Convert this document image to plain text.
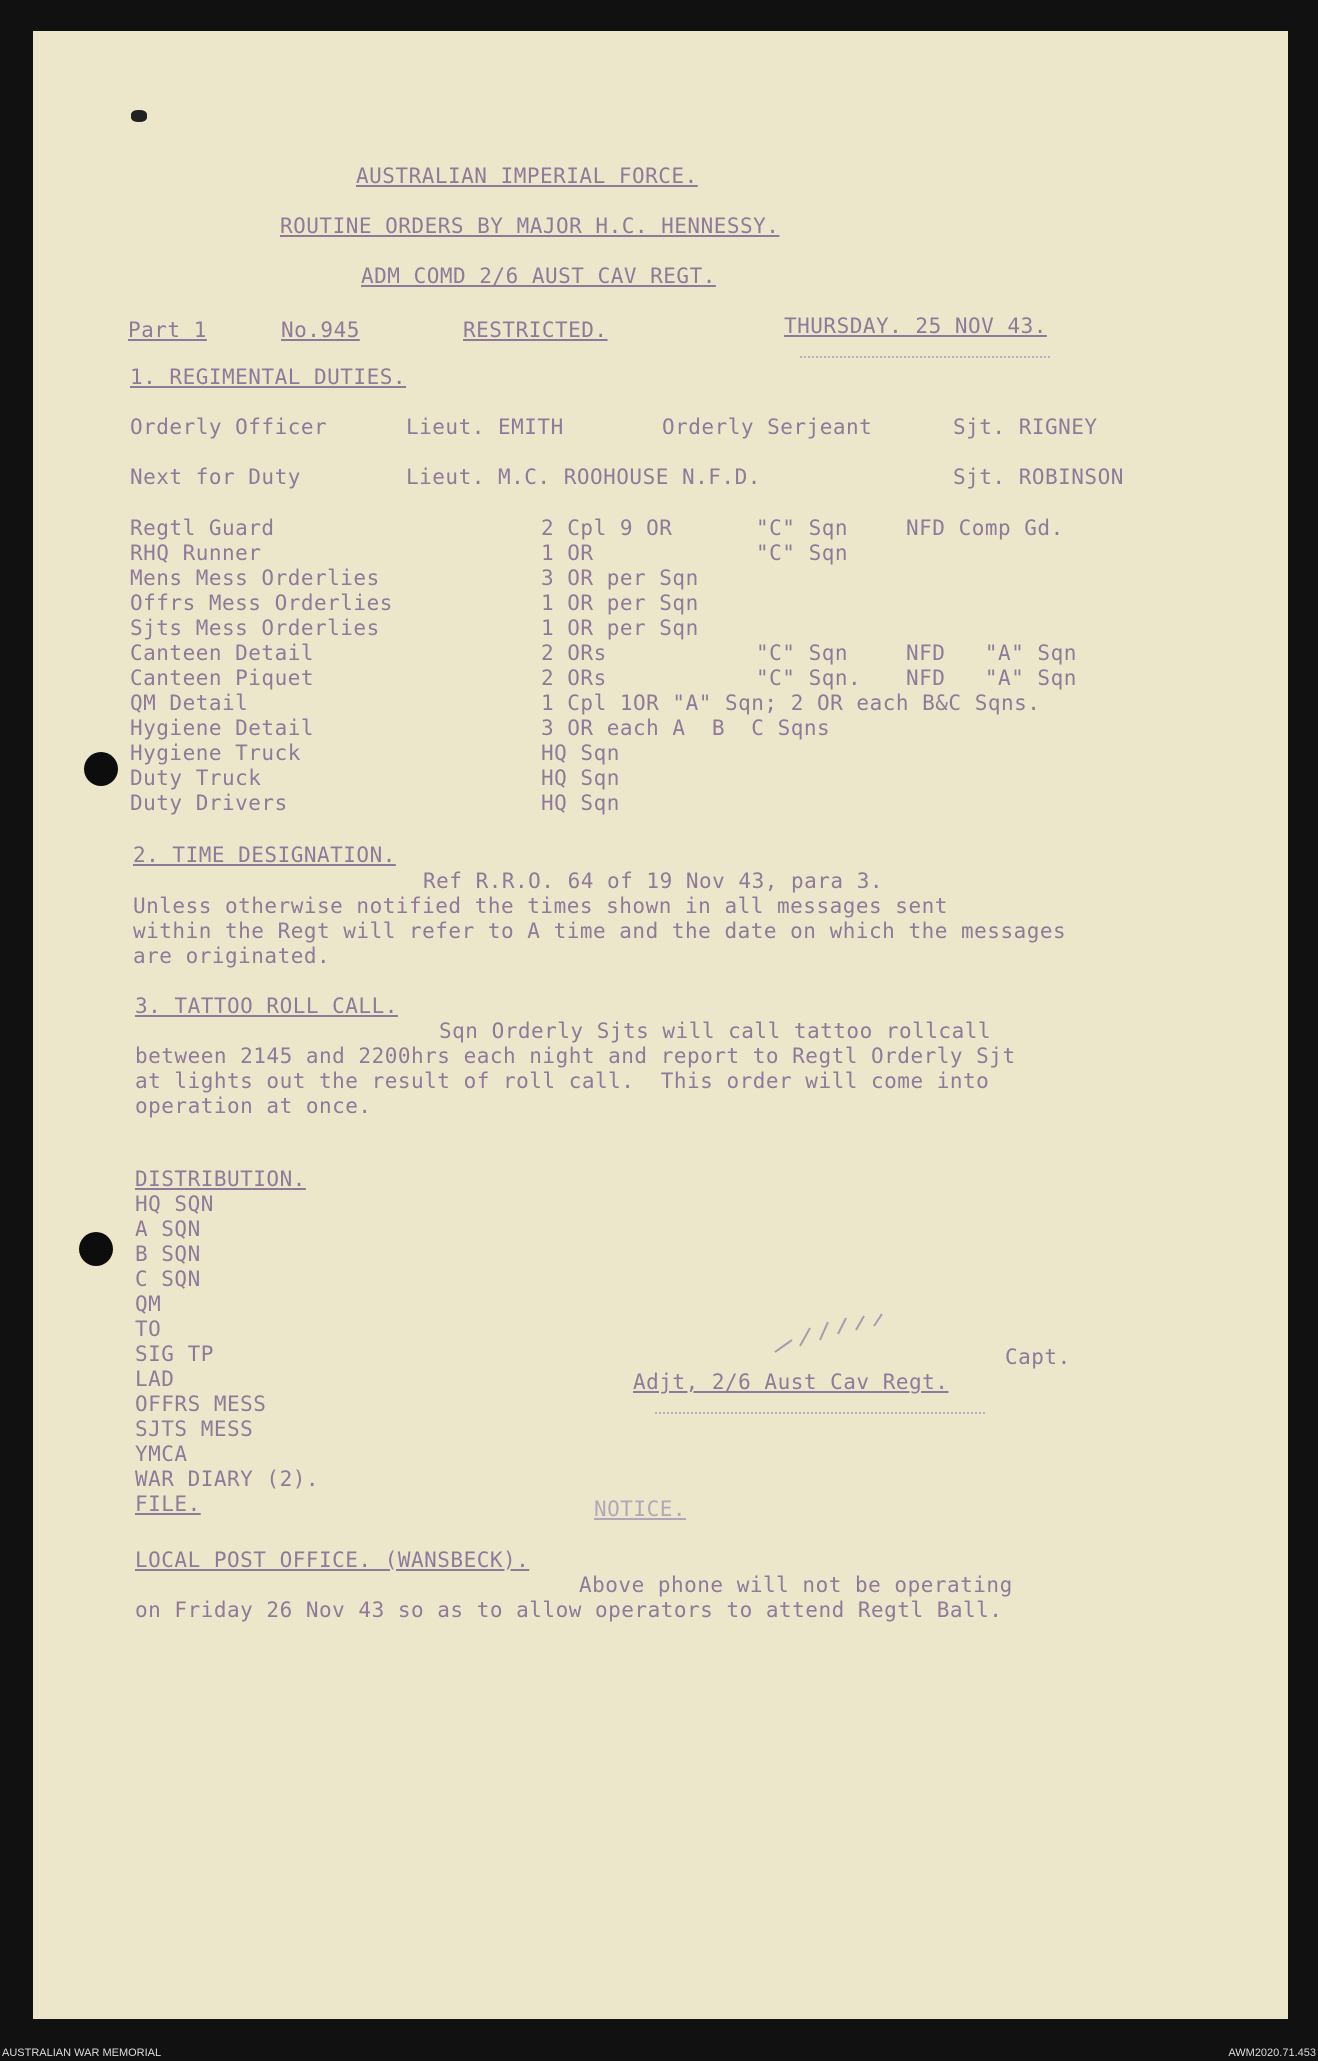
AUSTRALIAN IMPERIAL FORCE.
ROUTINE ORDERS BY MAJOR H.C. HENNESSY.
ADM COMD 2/6 AUST CAV REGT.
Part 1	No.945	RESTRICTED.	THURSDAY. 25 NOV 43.
1. REGIMENTAL DUTIES.
Orderly Officer	Lieut. EMITH	Orderly Serjeant	Sjt. RIGNEY
Next for Duty	Lieut. M.C. ROOHOUSE N.F.D.	Sjt. ROBINSON
Regtl Guard	2 Cpl 9 OR	"C" Sqn	NFD Comp Gd.
RHQ Runner	1 OR	"C" Sqn
Mens Mess Orderlies	3 OR per Sqn
Offrs Mess Orderlies	1 OR per Sqn
Sjts Mess Orderlies	1 OR per Sqn
Canteen Detail	2 ORs	"C" Sqn	NFD   "A" Sqn
Canteen Piquet	2 ORs	"C" Sqn. NFD   "A" Sqn
QM Detail	1 Cpl 1OR "A" Sqn; 2 OR each B&C Sqns.
Hygiene Detail	3 OR each A  B  C Sqns
Hygiene Truck	HQ Sqn
Duty Truck	HQ Sqn
Duty Drivers	HQ Sqn
2. TIME DESIGNATION.
Ref R.R.O. 64 of 19 Nov 43, para 3.
Unless otherwise notified the times shown in all messages sent
within the Regt will refer to A time and the date on which the messages
are originated.
3. TATTOO ROLL CALL.
Sqn Orderly Sjts will call tattoo rollcall
between 2145 and 2200hrs each night and report to Regtl Orderly Sjt
at lights out the result of roll call.  This order will come into
operation at once.
DISTRIBUTION.
HQ SQN
A SQN
B SQN
C SQN
QM
TO
SIG TP
LAD
OFFRS MESS
SJTS MESS
YMCA
WAR DIARY (2).
FILE.
Capt.
Adjt, 2/6 Aust Cav Regt.
NOTICE.
LOCAL POST OFFICE. (WANSBECK).
Above phone will not be operating
on Friday 26 Nov 43 so as to allow operators to attend Regtl Ball.
AUSTRALIAN WAR MEMORIAL	AWM2020.71.453
